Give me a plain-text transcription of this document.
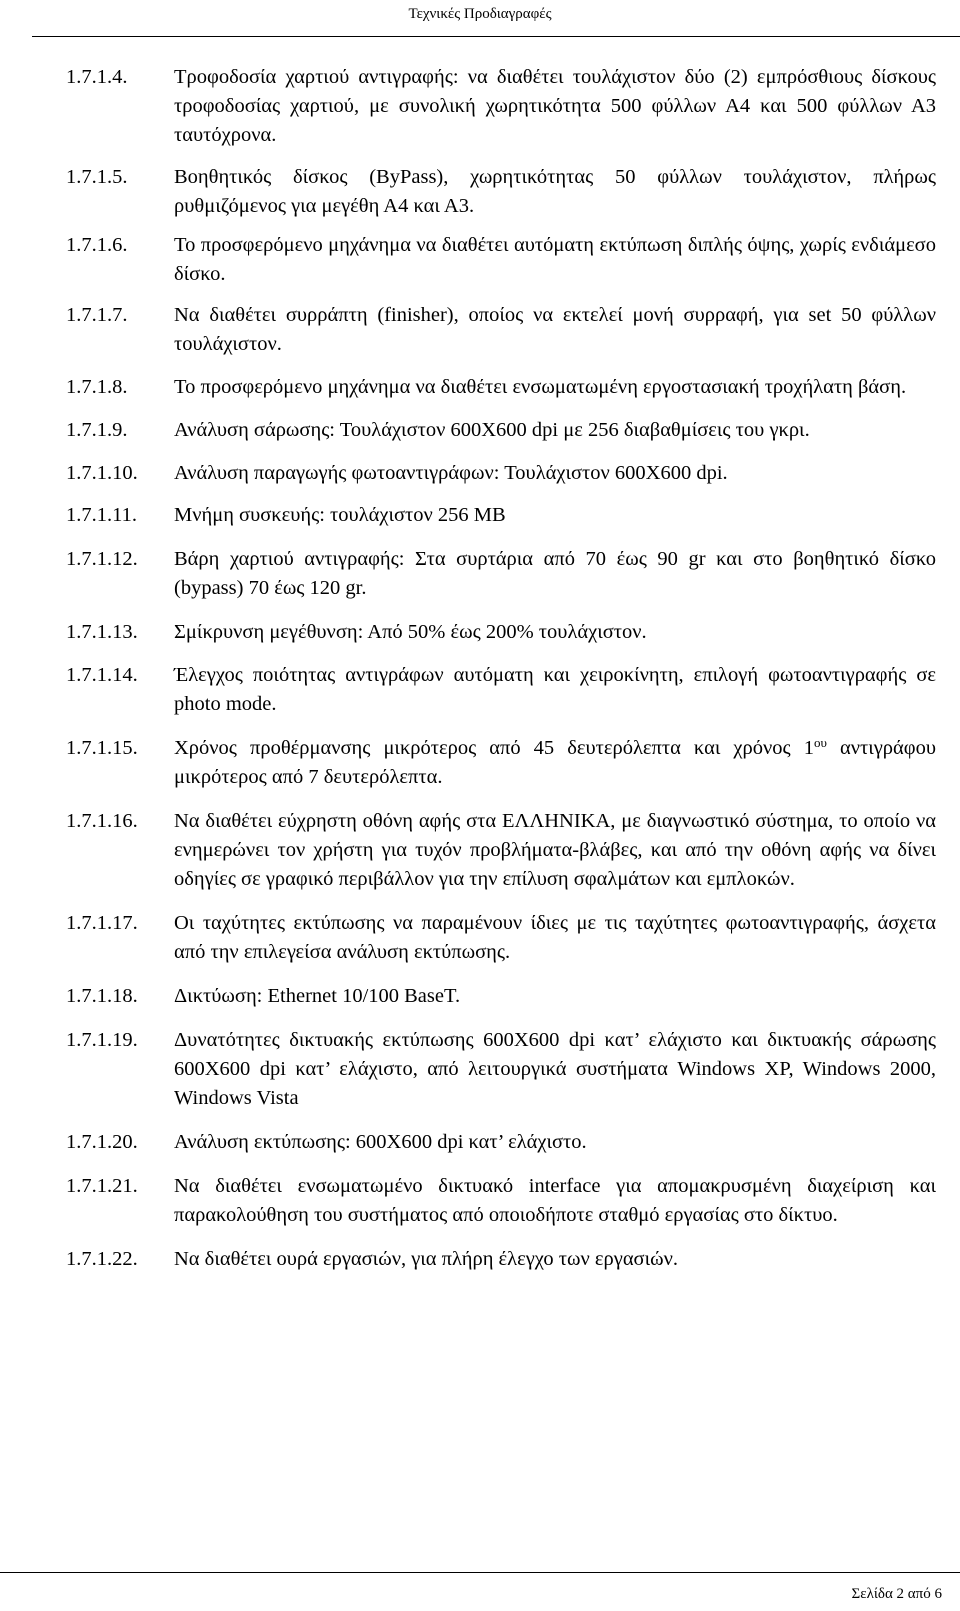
Τεχνικές Προδιαγραφές
1.7.1.4.	Τροφοδοσία χαρτιού αντιγραφής: να διαθέτει τουλάχιστον δύο (2) εμπρόσθιους δίσκους τροφοδοσίας χαρτιού, με συνολική χωρητικότητα 500 φύλλων Α4 και 500 φύλλων Α3 ταυτόχρονα.
1.7.1.5.	Βοηθητικός δίσκος (ByPass), χωρητικότητας 50 φύλλων τουλάχιστον, πλήρως ρυθμιζόμενος για μεγέθη Α4 και Α3.
1.7.1.6.	Το προσφερόμενο μηχάνημα να διαθέτει αυτόματη εκτύπωση διπλής όψης, χωρίς ενδιάμεσο δίσκο.
1.7.1.7.	Να διαθέτει συρράπτη (finisher), οποίος να εκτελεί μονή συρραφή, για set 50 φύλλων τουλάχιστον.
1.7.1.8.	Το προσφερόμενο μηχάνημα να διαθέτει ενσωματωμένη εργοστασιακή τροχήλατη βάση.
1.7.1.9.	Ανάλυση σάρωσης: Τουλάχιστον 600X600 dpi με 256 διαβαθμίσεις του γκρι.
1.7.1.10.	Ανάλυση παραγωγής φωτοαντιγράφων: Τουλάχιστον 600X600 dpi.
1.7.1.11.	Μνήμη συσκευής: τουλάχιστον 256 MB
1.7.1.12.	Βάρη χαρτιού αντιγραφής: Στα συρτάρια από 70 έως 90 gr και στο βοηθητικό δίσκο (bypass) 70 έως 120 gr.
1.7.1.13.	Σμίκρυνση μεγέθυνση: Από 50% έως 200% τουλάχιστον.
1.7.1.14.	Έλεγχος ποιότητας αντιγράφων αυτόματη και χειροκίνητη, επιλογή φωτοαντιγραφής σε photo mode.
1.7.1.15.	Χρόνος προθέρμανσης μικρότερος από 45 δευτερόλεπτα και χρόνος $1^{o\upsilon}$ αντιγράφου μικρότερος από 7 δευτερόλεπτα.
1.7.1.16.	Να διαθέτει εύχρηστη οθόνη αφής στα ΕΛΛΗΝΙΚΑ, με διαγνωστικό σύστημα, το οποίο να ενημερώνει τον χρήστη για τυχόν προβλήματα-βλάβες, και από την οθόνη αφής να δίνει οδηγίες σε γραφικό περιβάλλον για την επίλυση σφαλμάτων και εμπλοκών.
1.7.1.17.	Οι ταχύτητες εκτύπωσης να παραμένουν ίδιες με τις ταχύτητες φωτοαντιγραφής, άσχετα από την επιλεγείσα ανάλυση εκτύπωσης.
1.7.1.18.	Δικτύωση: Ethernet 10/100 BaseT.
1.7.1.19.	Δυνατότητες δικτυακής εκτύπωσης 600X600 dpi κατ’ ελάχιστο και δικτυακής σάρωσης 600X600 dpi κατ’ ελάχιστο, από λειτουργικά συστήματα Windows XP, Windows 2000, Windows Vista
1.7.1.20.	Ανάλυση εκτύπωσης: 600X600 dpi κατ’ ελάχιστο.
1.7.1.21.	Να διαθέτει ενσωματωμένο δικτυακό interface για απομακρυσμένη διαχείριση και παρακολούθηση του συστήματος από οποιοδήποτε σταθμό εργασίας στο δίκτυο.
1.7.1.22.	Να διαθέτει ουρά εργασιών, για πλήρη έλεγχο των εργασιών.
Σελίδα 2 από 6
